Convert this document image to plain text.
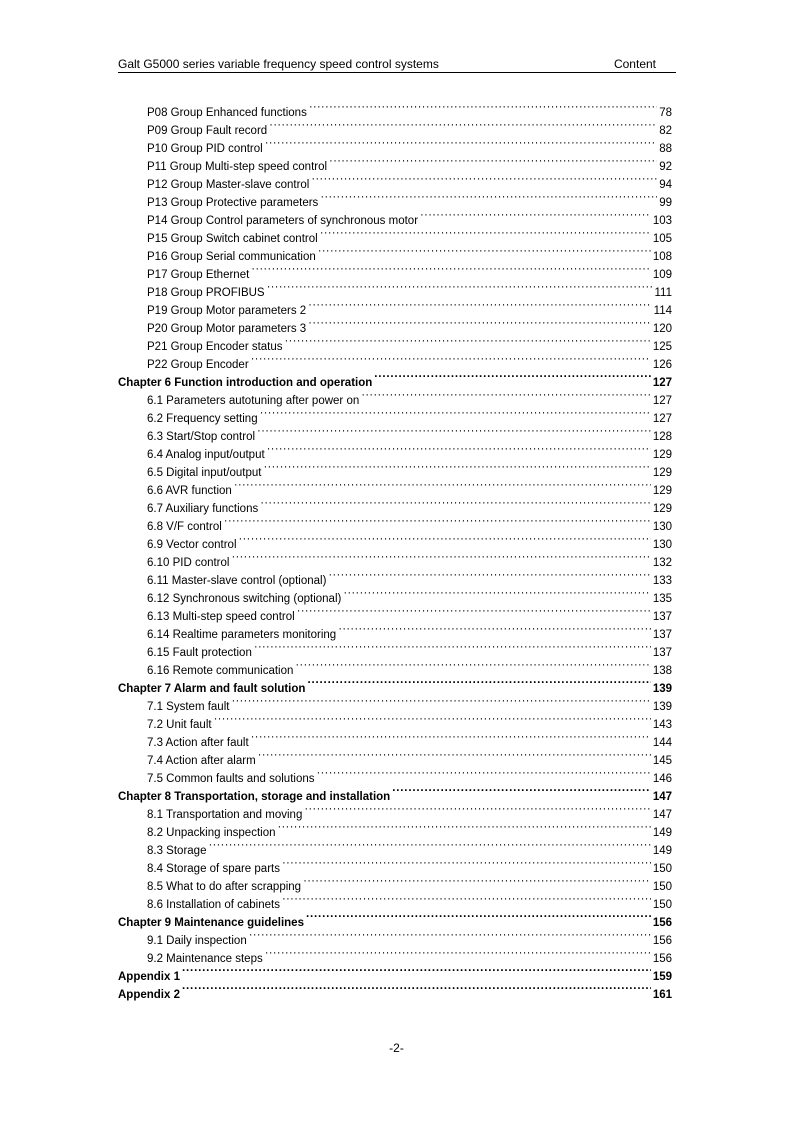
Galt G5000 series variable frequency speed control systems	Content
P08 Group Enhanced functions ·····	78
P09 Group Fault record ·····	82
P10 Group PID control ·····	88
P11 Group Multi-step speed control ·····	92
P12 Group Master-slave control ·····	94
P13 Group Protective parameters ·····	99
P14 Group Control parameters of synchronous motor ·····	103
P15 Group Switch cabinet control ·····	105
P16 Group Serial communication ·····	108
P17 Group Ethernet ·····	109
P18 Group PROFIBUS ·····	111
P19 Group Motor parameters 2 ·····	114
P20 Group Motor parameters 3 ·····	120
P21 Group Encoder status ·····	125
P22 Group Encoder ·····	126
Chapter 6 Function introduction and operation ·····	127
6.1 Parameters autotuning after power on ·····	127
6.2 Frequency setting ·····	127
6.3 Start/Stop control ·····	128
6.4 Analog input/output ·····	129
6.5 Digital input/output ·····	129
6.6 AVR function ·····	129
6.7 Auxiliary functions ·····	129
6.8 V/F control ·····	130
6.9 Vector control ·····	130
6.10 PID control ·····	132
6.11 Master-slave control (optional) ·····	133
6.12 Synchronous switching (optional) ·····	135
6.13 Multi-step speed control ·····	137
6.14 Realtime parameters monitoring ·····	137
6.15 Fault protection ·····	137
6.16 Remote communication ·····	138
Chapter 7 Alarm and fault solution ·····	139
7.1 System fault ·····	139
7.2 Unit fault ·····	143
7.3 Action after fault ·····	144
7.4 Action after alarm ·····	145
7.5 Common faults and solutions ·····	146
Chapter 8 Transportation, storage and installation ·····	147
8.1 Transportation and moving ·····	147
8.2 Unpacking inspection ·····	149
8.3 Storage ·····	149
8.4 Storage of spare parts ·····	150
8.5 What to do after scrapping ·····	150
8.6 Installation of cabinets ·····	150
Chapter 9 Maintenance guidelines ·····	156
9.1 Daily inspection ·····	156
9.2 Maintenance steps ·····	156
Appendix 1 ·····	159
Appendix 2 ·····	161
-2-
